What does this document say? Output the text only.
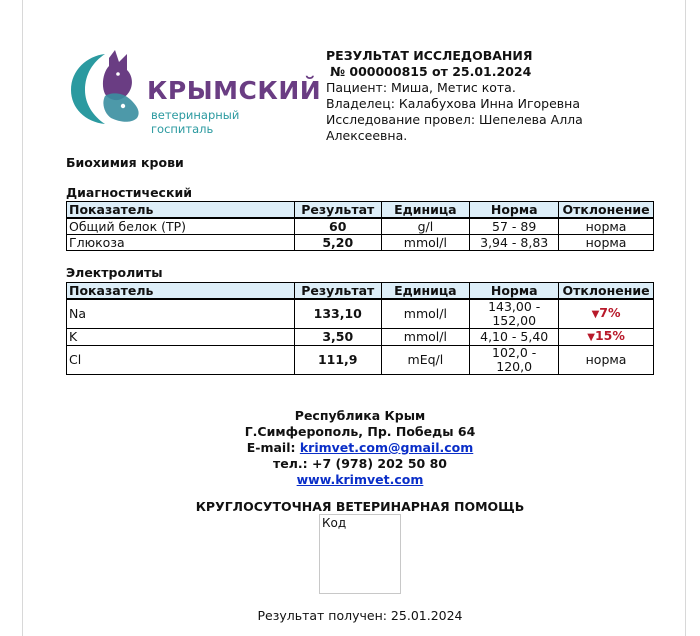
КРЫМСКИЙ
ветеринарный госпиталь
РЕЗУЛЬТАТ ИССЛЕДОВАНИЯ
№ 000000815 от 25.01.2024
Пациент: Миша, Метис кота.
Владелец: Калабухова Инна Игоревна
Исследование провел: Шепелева Алла Алексеевна.
Биохимия крови
Диагностический
Показатель	Результат	Единица	Норма	Отклонение
Общий белок (TP)	60	g/l	57 - 89	норма
Глюкоза	5,20	mmol/l	3,94 - 8,83	норма
Электролиты
Показатель	Результат	Единица	Норма	Отклонение
Na	133,10	mmol/l	143,00 - 152,00	▼7%
K	3,50	mmol/l	4,10 - 5,40	▼15%
Cl	111,9	mEq/l	102,0 - 120,0	норма
Республика Крым
Г.Симферополь, Пр. Победы 64
E-mail: krimvet.com@gmail.com
тел.: +7 (978) 202 50 80
www.krimvet.com
КРУГЛОСУТОЧНАЯ ВЕТЕРИНАРНАЯ ПОМОЩЬ
Код
Результат получен: 25.01.2024
